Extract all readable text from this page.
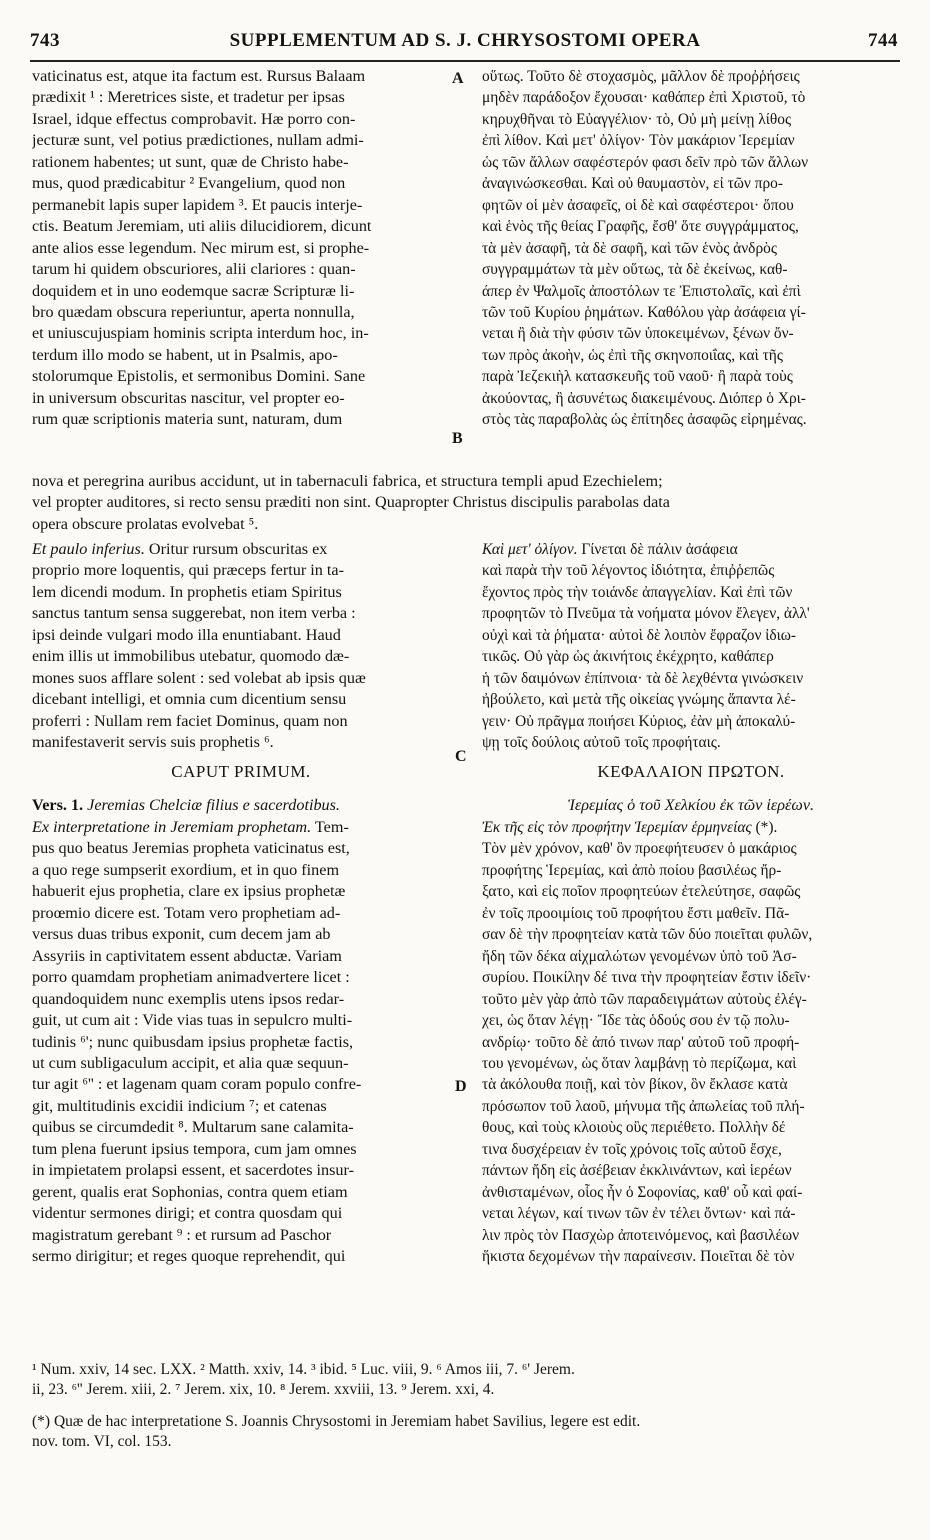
743	SUPPLEMENTUM AD S. J. CHRYSOSTOMI OPERA	744
A
B
C
D
vaticinatus est, atque ita factum est. Rursus Balaam
prædixit ¹ : Meretrices siste, et tradetur per ipsas
Israel, idque effectus comprobavit. Hæ porro con-
jecturæ sunt, vel potius prædictiones, nullam admi-
rationem habentes; ut sunt, quæ de Christo habe-
mus, quod prædicabitur ² Evangelium, quod non
permanebit lapis super lapidem ³. Et paucis interje-
ctis. Beatum Jeremiam, uti aliis dilucidiorem, dicunt
ante alios esse legendum. Nec mirum est, si prophe-
tarum hi quidem obscuriores, alii clariores : quan-
doquidem et in uno eodemque sacræ Scripturæ li-
bro quædam obscura reperiuntur, aperta nonnulla,
et uniuscujuspiam hominis scripta interdum hoc, in-
terdum illo modo se habent, ut in Psalmis, apo-
stolorumque Epistolis, et sermonibus Domini. Sane
in universum obscuritas nascitur, vel propter eo-
rum quæ scriptionis materia sunt, naturam, dum
οὕτως. Τοῦτο δὲ στοχασμὸς, μᾶλλον δὲ προῤῥήσεις
μηδὲν παράδοξον ἔχουσαι· καθάπερ ἐπὶ Χριστοῦ, τὸ
κηρυχθῆναι τὸ Εὐαγγέλιον· τὸ, Οὐ μὴ μείνῃ λίθος
ἐπὶ λίθον. Καὶ μετ' ὀλίγον· Τὸν μακάριον Ἱερεμίαν
ὡς τῶν ἄλλων σαφέστερόν φασι δεῖν πρὸ τῶν ἄλλων
ἀναγινώσκεσθαι. Καὶ οὐ θαυμαστὸν, εἰ τῶν προ-
φητῶν οἱ μὲν ἀσαφεῖς, οἱ δὲ καὶ σαφέστεροι· ὅπου
καὶ ἑνὸς τῆς θείας Γραφῆς, ἔσθ' ὅτε συγγράμματος,
τὰ μὲν ἀσαφῆ, τὰ δὲ σαφῆ, καὶ τῶν ἑνὸς ἀνδρὸς
συγγραμμάτων τὰ μὲν οὕτως, τὰ δὲ ἐκείνως, καθ-
άπερ ἐν Ψαλμοῖς ἀποστόλων τε Ἐπιστολαῖς, καὶ ἐπὶ
τῶν τοῦ Κυρίου ῥημάτων. Καθόλου γὰρ ἀσάφεια γί-
νεται ἢ διὰ τὴν φύσιν τῶν ὑποκειμένων, ξένων ὄν-
των πρὸς ἀκοὴν, ὡς ἐπὶ τῆς σκηνοποιΐας, καὶ τῆς
παρὰ Ἰεζεκιὴλ κατασκευῆς τοῦ ναοῦ· ἢ παρὰ τοὺς
ἀκούοντας, ἢ ἀσυνέτως διακειμένους. Διόπερ ὁ Χρι-
στὸς τὰς παραβολὰς ὡς ἐπίτηδες ἀσαφῶς εἰρημένας.
nova et peregrina auribus accidunt, ut in tabernaculi fabrica, et structura templi apud Ezechielem;
vel propter auditores, si recto sensu præditi non sint. Quapropter Christus discipulis parabolas data
opera obscure prolatas evolvebat ⁵.
Et paulo inferius. Oritur rursum obscuritas ex
proprio more loquentis, qui præceps fertur in ta-
lem dicendi modum. In prophetis etiam Spiritus
sanctus tantum sensa suggerebat, non item verba :
ipsi deinde vulgari modo illa enuntiabant. Haud
enim illis ut immobilibus utebatur, quomodo dæ-
mones suos afflare solent : sed volebat ab ipsis quæ
dicebant intelligi, et omnia cum dicentium sensu
proferri : Nullam rem faciet Dominus, quam non
manifestaverit servis suis prophetis ⁶.
Καὶ μετ' ὀλίγον. Γίνεται δὲ πάλιν ἀσάφεια
καὶ παρὰ τὴν τοῦ λέγοντος ἰδιότητα, ἐπιῤῥεπῶς
ἔχοντος πρὸς τὴν τοιάνδε ἀπαγγελίαν. Καὶ ἐπὶ τῶν
προφητῶν τὸ Πνεῦμα τὰ νοήματα μόνον ἔλεγεν, ἀλλ'
οὐχὶ καὶ τὰ ῥήματα· αὐτοὶ δὲ λοιπὸν ἔφραζον ἰδιω-
τικῶς. Οὐ γὰρ ὡς ἀκινήτοις ἐκέχρητο, καθάπερ
ἡ τῶν δαιμόνων ἐπίπνοια· τὰ δὲ λεχθέντα γινώσκειν
ἠβούλετο, καὶ μετὰ τῆς οἰκείας γνώμης ἅπαντα λέ-
γειν· Οὐ πρᾶγμα ποιήσει Κύριος, ἐὰν μὴ ἀποκαλύ-
ψῃ τοῖς δούλοις αὐτοῦ τοῖς προφήταις.
CAPUT PRIMUM.	ΚΕΦΑΛΑΙΟΝ ΠΡΩΤΟΝ.
Vers. 1. Jeremias Chelciæ filius e sacerdotibus.	Ἱερεμίας ὁ τοῦ Χελκίου ἐκ τῶν ἱερέων.
Ex interpretatione in Jeremiam prophetam. Tem-
pus quo beatus Jeremias propheta vaticinatus est,
a quo rege sumpserit exordium, et in quo finem
habuerit ejus prophetia, clare ex ipsius prophetæ
proœmio dicere est. Totam vero prophetiam ad-
versus duas tribus exponit, cum decem jam ab
Assyriis in captivitatem essent abductæ. Variam
porro quamdam prophetiam animadvertere licet :
quandoquidem nunc exemplis utens ipsos redar-
guit, ut cum ait : Vide vias tuas in sepulcro multi-
tudinis ⁶'; nunc quibusdam ipsius prophetæ factis,
ut cum subligaculum accipit, et alia quæ sequun-
tur agit ⁶'' : et lagenam quam coram populo confre-
git, multitudinis excidii indicium ⁷; et catenas
quibus se circumdedit ⁸. Multarum sane calamita-
tum plena fuerunt ipsius tempora, cum jam omnes
in impietatem prolapsi essent, et sacerdotes insur-
gerent, qualis erat Sophonias, contra quem etiam
videntur sermones dirigi; et contra quosdam qui
magistratum gerebant ⁹ : et rursum ad Paschor
sermo dirigitur; et reges quoque reprehendit, qui
Ἐκ τῆς εἰς τὸν προφήτην Ἱερεμίαν ἑρμηνείας (*).
Τὸν μὲν χρόνον, καθ' ὃν προεφήτευσεν ὁ μακάριος
προφήτης Ἱερεμίας, καὶ ἀπὸ ποίου βασιλέως ἤρ-
ξατο, καὶ εἰς ποῖον προφητεύων ἐτελεύτησε, σαφῶς
ἐν τοῖς προοιμίοις τοῦ προφήτου ἔστι μαθεῖν. Πᾶ-
σαν δὲ τὴν προφητείαν κατὰ τῶν δύο ποιεῖται φυλῶν,
ἤδη τῶν δέκα αἰχμαλώτων γενομένων ὑπὸ τοῦ Ἀσ-
συρίου. Ποικίλην δέ τινα τὴν προφητείαν ἔστιν ἰδεῖν·
τοῦτο μὲν γὰρ ἀπὸ τῶν παραδειγμάτων αὐτοὺς ἐλέγ-
χει, ὡς ὅταν λέγῃ· Ἴδε τὰς ὁδούς σου ἐν τῷ πολυ-
ανδρίῳ· τοῦτο δὲ ἀπό τινων παρ' αὐτοῦ τοῦ προφή-
του γενομένων, ὡς ὅταν λαμβάνῃ τὸ περίζωμα, καὶ
τὰ ἀκόλουθα ποιῇ, καὶ τὸν βίκον, ὃν ἔκλασε κατὰ
πρόσωπον τοῦ λαοῦ, μήνυμα τῆς ἀπωλείας τοῦ πλή-
θους, καὶ τοὺς κλοιοὺς οὓς περιέθετο. Πολλὴν δέ
τινα δυσχέρειαν ἐν τοῖς χρόνοις τοῖς αὐτοῦ ἔσχε,
πάντων ἤδη εἰς ἀσέβειαν ἐκκλινάντων, καὶ ἱερέων
ἀνθισταμένων, οἷος ἦν ὁ Σοφονίας, καθ' οὗ καὶ φαί-
νεται λέγων, καί τινων τῶν ἐν τέλει ὄντων· καὶ πά-
λιν πρὸς τὸν Πασχὼρ ἀποτεινόμενος, καὶ βασιλέων
ἥκιστα δεχομένων τὴν παραίνεσιν. Ποιεῖται δὲ τὸν
¹ Num. xxiv, 14 sec. LXX. ² Matth. xxiv, 14. ³ ibid. ⁵ Luc. viii, 9. ⁶ Amos iii, 7. ⁶' Jerem.
ii, 23. ⁶'' Jerem. xiii, 2. ⁷ Jerem. xix, 10. ⁸ Jerem. xxviii, 13. ⁹ Jerem. xxi, 4.
(*) Quæ de hac interpretatione S. Joannis Chrysostomi in Jeremiam habet Savilius, legere est edit.
nov. tom. VI, col. 153.
